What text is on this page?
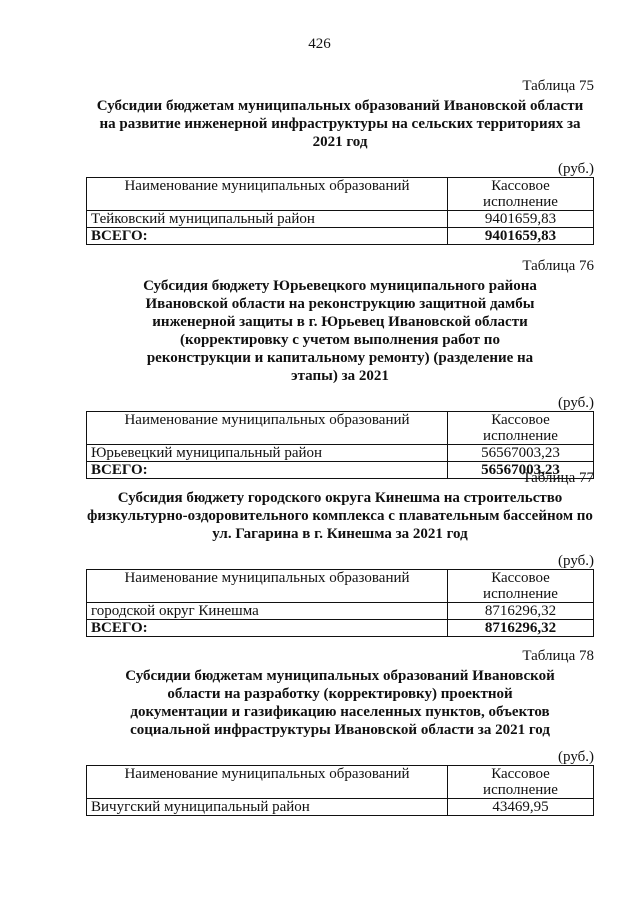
426
Таблица 75
Субсидии бюджетам муниципальных образований Ивановской области на развитие инженерной инфраструктуры на сельских территориях за 2021 год
(руб.)
Наименование муниципальных образований	Кассовое исполнение
Тейковский муниципальный район	9401659,83
ВСЕГО:	9401659,83
Таблица 76
Субсидия бюджету Юрьевецкого муниципального района Ивановской области на реконструкцию защитной дамбы инженерной защиты в г. Юрьевец Ивановской области (корректировку с учетом выполнения работ по реконструкции и капитальному ремонту) (разделение на этапы) за 2021
(руб.)
Наименование муниципальных образований	Кассовое исполнение
Юрьевецкий муниципальный район	56567003,23
ВСЕГО:	56567003,23
Таблица 77
Субсидия бюджету городского округа Кинешма на строительство физкультурно-оздоровительного комплекса с плавательным бассейном по ул. Гагарина в г. Кинешма за 2021 год
(руб.)
Наименование муниципальных образований	Кассовое исполнение
городской округ Кинешма	8716296,32
ВСЕГО:	8716296,32
Таблица 78
Субсидии бюджетам муниципальных образований Ивановской области на разработку (корректировку) проектной документации и газификацию населенных пунктов, объектов социальной инфраструктуры Ивановской области за 2021 год
(руб.)
Наименование муниципальных образований	Кассовое исполнение
Вичугский муниципальный район	43469,95
